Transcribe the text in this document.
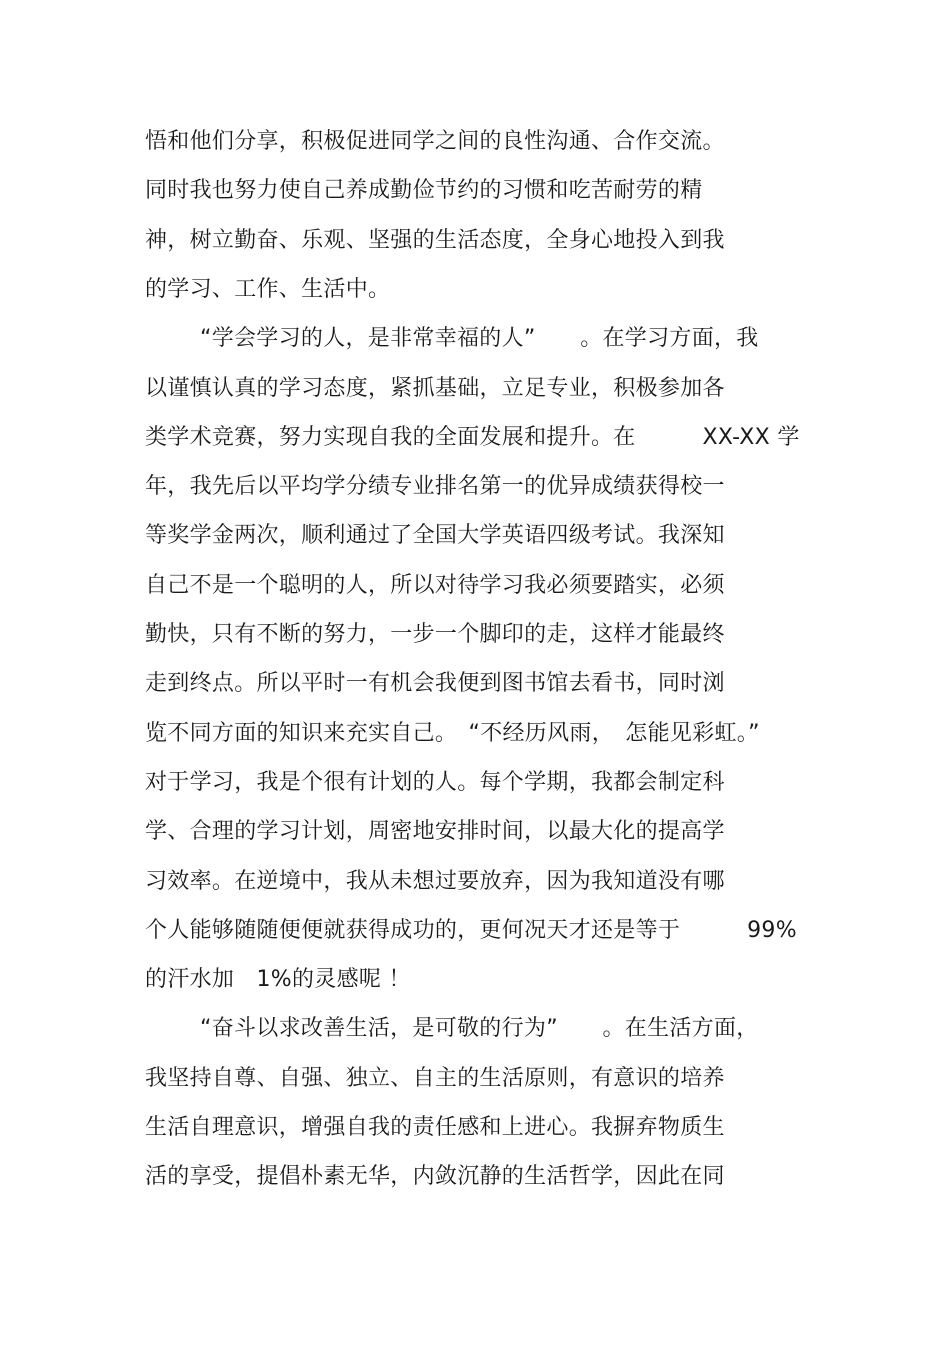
悟和他们分享，积极促进同学之间的良性沟通、合作交流。
同时我也努力使自己养成勤俭节约的习惯和吃苦耐劳的精
神，树立勤奋、乐观、坚强的生活态度，全身心地投入到我
的学习、工作、生活中。
“学会学习的人，是非常幸福的人”　　。在学习方面，我
以谨慎认真的学习态度，紧抓基础，立足专业，积极参加各
类学术竞赛，努力实现自我的全面发展和提升。在　　　XX-XX 学
年，我先后以平均学分绩专业排名第一的优异成绩获得校一
等奖学金两次，顺利通过了全国大学英语四级考试。我深知
自己不是一个聪明的人，所以对待学习我必须要踏实，必须
勤快，只有不断的努力，一步一个脚印的走，这样才能最终
走到终点。所以平时一有机会我便到图书馆去看书，同时浏
览不同方面的知识来充实自己。　“不经历风雨，　怎能见彩虹。”
对于学习，我是个很有计划的人。每个学期，我都会制定科
学、合理的学习计划，周密地安排时间，以最大化的提高学
习效率。在逆境中，我从未想过要放弃，因为我知道没有哪
个人能够随随便便就获得成功的，更何况天才还是等于　　　99%
的汗水加　1%的灵感呢 ！
“奋斗以求改善生活，是可敬的行为”　　。在生活方面，
我坚持自尊、自强、独立、自主的生活原则，有意识的培养
生活自理意识，增强自我的责任感和上进心。我摒弃物质生
活的享受，提倡朴素无华，内敛沉静的生活哲学，因此在同
